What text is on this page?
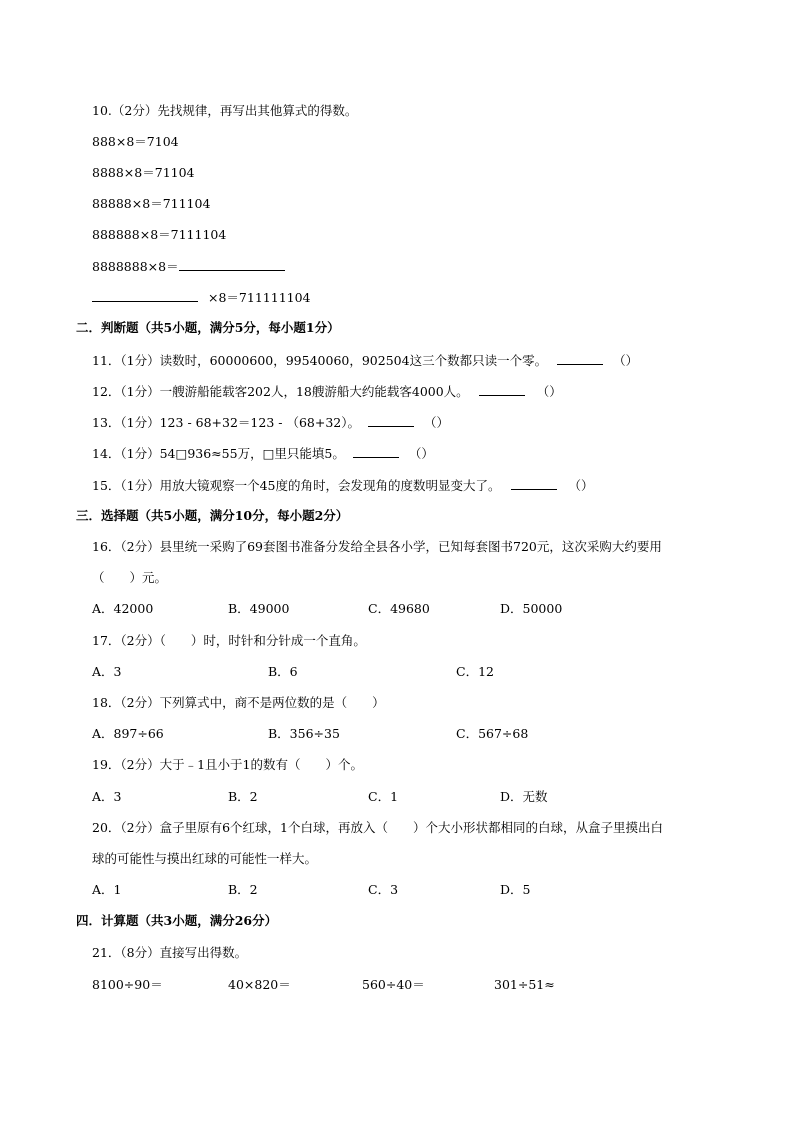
10.（2分）先找规律，再写出其他算式的得数。
888×8＝7104
8888×8＝71104
88888×8＝711104
888888×8＝7111104
8888888×8＝
×8＝711111104
二．判断题（共5小题，满分5分，每小题1分）
11．（1分）读数时，60000600，99540060，902504这三个数都只读一个零。	（）
12．（1分）一艘游船能载客202人，18艘游船大约能载客4000人。	（）
13．（1分）123 - 68+32＝123 - （68+32）。	（）
14．（1分）54□936≈55万，□里只能填5。	（）
15．（1分）用放大镜观察一个45度的角时，会发现角的度数明显变大了。	（）
三．选择题（共5小题，满分10分，每小题2分）
16．（2分）县里统一采购了69套图书准备分发给全县各小学，已知每套图书720元，这次采购大约要用
（　　）元。
A．42000	B．49000	C．49680	D．50000
17．（2分）（　　）时，时针和分针成一个直角。
A．3	B．6	C．12
18．（2分）下列算式中，商不是两位数的是（　　）
A．897÷66	B．356÷35	C．567÷68
19．（2分）大于﹣1且小于1的数有（　　）个。
A．3	B．2	C．1	D．无数
20．（2分）盒子里原有6个红球，1个白球，再放入（　　）个大小形状都相同的白球，从盒子里摸出白
球的可能性与摸出红球的可能性一样大。
A．1	B．2	C．3	D．5
四．计算题（共3小题，满分26分）
21．（8分）直接写出得数。
8100÷90＝	40×820＝	560÷40＝	301÷51≈
